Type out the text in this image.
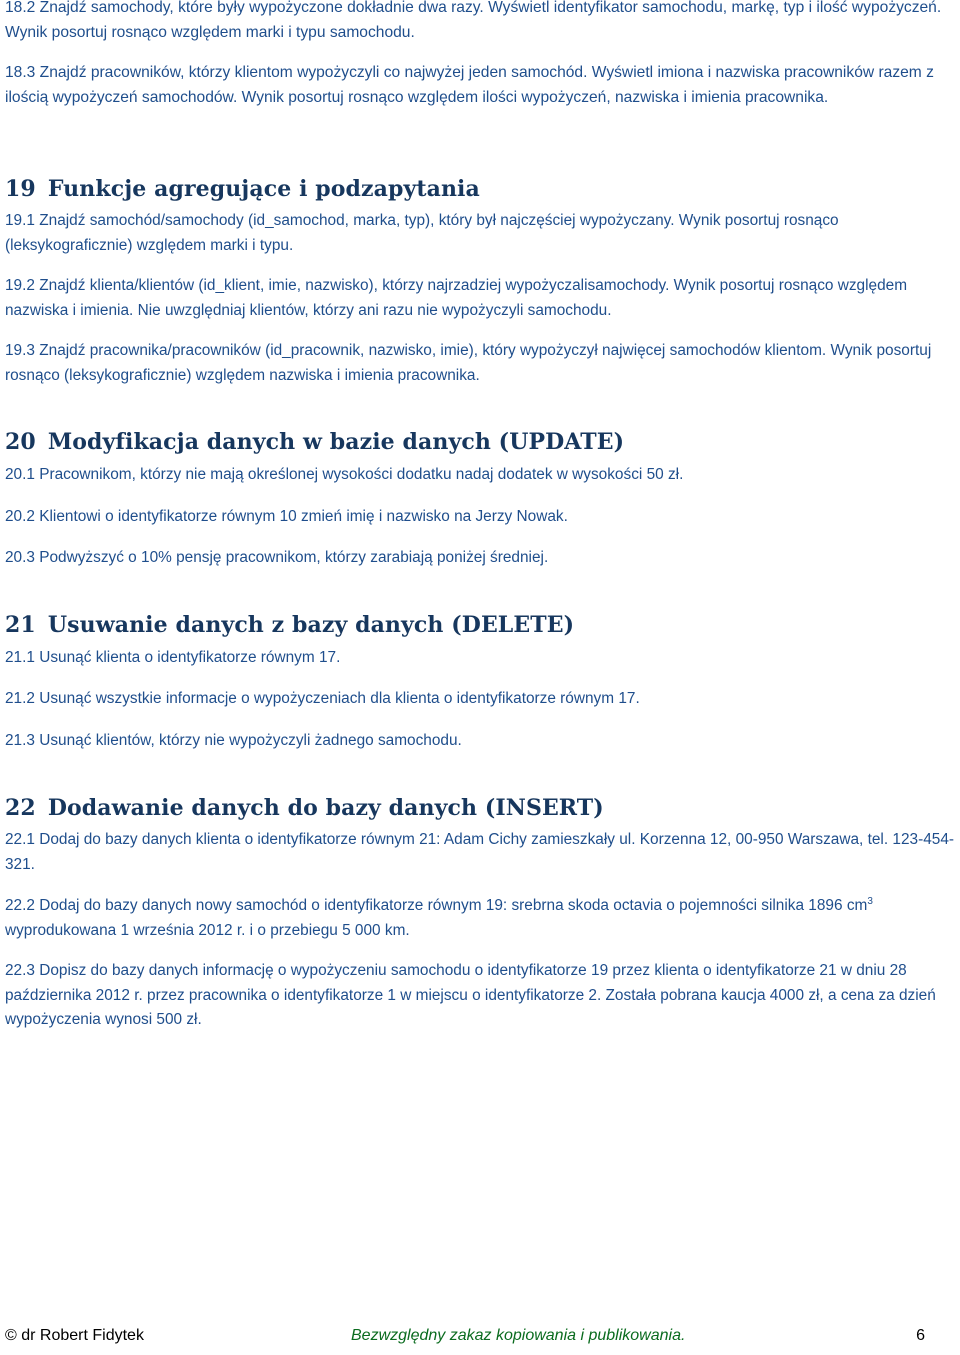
18.2 Znajdź samochody, które były wypożyczone dokładnie dwa razy. Wyświetl identyfikator samochodu, markę, typ i ilość wypożyczeń. Wynik posortuj rosnąco względem marki i typu samochodu.

18.3 Znajdź pracowników, którzy klientom wypożyczyli co najwyżej jeden samochód. Wyświetl imiona i nazwiska pracowników razem z ilością wypożyczeń samochodów. Wynik posortuj rosnąco względem ilości wypożyczeń, nazwiska i imienia pracownika.

19 Funkcje agregujące i podzapytania

19.1 Znajdź samochód/samochody (id_samochod, marka, typ), który był najczęściej wypożyczany. Wynik posortuj rosnąco (leksykograficznie) względem marki i typu.

19.2 Znajdź klienta/klientów (id_klient, imie, nazwisko), którzy najrzadziej wypożyczalisamochody. Wynik posortuj rosnąco względem nazwiska i imienia. Nie uwzględniaj klientów, którzy ani razu nie wypożyczyli samochodu.

19.3 Znajdź pracownika/pracowników (id_pracownik, nazwisko, imie), który wypożyczył najwięcej samochodów klientom. Wynik posortuj rosnąco (leksykograficznie) względem nazwiska i imienia pracownika.

20 Modyfikacja danych w bazie danych (UPDATE)

20.1 Pracownikom, którzy nie mają określonej wysokości dodatku nadaj dodatek w wysokości 50 zł.

20.2 Klientowi o identyfikatorze równym 10 zmień imię i nazwisko na Jerzy Nowak.

20.3 Podwyższyć o 10% pensję pracownikom, którzy zarabiają poniżej średniej.

21 Usuwanie danych z bazy danych (DELETE)

21.1 Usunąć klienta o identyfikatorze równym 17.

21.2 Usunąć wszystkie informacje o wypożyczeniach dla klienta o identyfikatorze równym 17.

21.3 Usunąć klientów, którzy nie wypożyczyli żadnego samochodu.

22 Dodawanie danych do bazy danych (INSERT)

22.1 Dodaj do bazy danych klienta o identyfikatorze równym 21: Adam Cichy zamieszkały ul. Korzenna 12, 00-950 Warszawa, tel. 123-454-321.

22.2 Dodaj do bazy danych nowy samochód o identyfikatorze równym 19: srebrna skoda octavia o pojemności silnika 1896 $cm^3$ wyprodukowana 1 września 2012 r. i o przebiegu 5 000 km.

22.3 Dopisz do bazy danych informację o wypożyczeniu samochodu o identyfikatorze 19 przez klienta o identyfikatorze 21 w dniu 28 października 2012 r. przez pracownika o identyfikatorze 1 w miejscu o identyfikatorze 2. Została pobrana kaucja 4000 zł, a cena za dzień wypożyczenia wynosi 500 zł.

© dr Robert Fidytek	Bezwzględny zakaz kopiowania i publikowania.	6
